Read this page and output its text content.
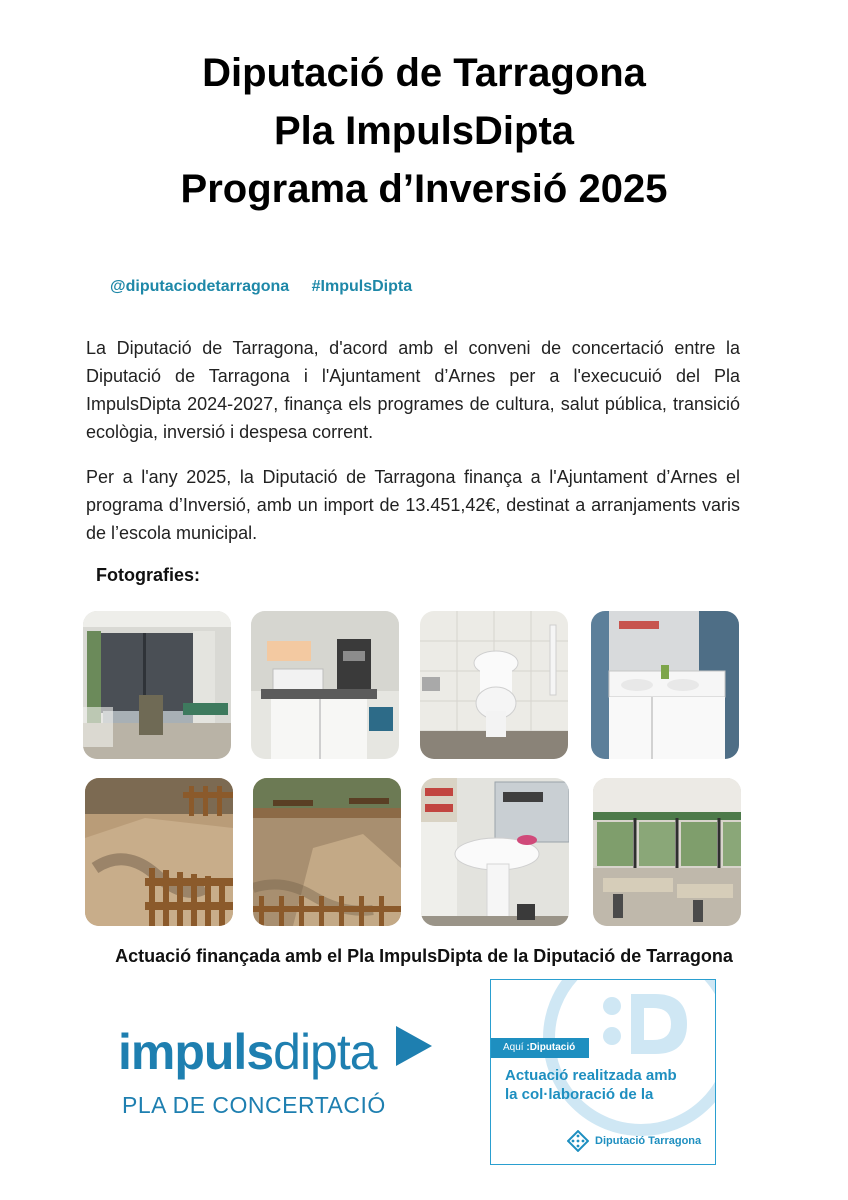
Diputació de Tarragona
Pla ImpulsDipta
Programa d’Inversió 2025
@diputaciodetarragona #ImpulsDipta
La Diputació de Tarragona, d'acord amb el conveni de concertació entre la Diputació de Tarragona i l'Ajuntament d’Arnes per a l'execucuió del Pla ImpulsDipta 2024-2027, finança els programes de cultura, salut pública, transició ecològia, inversió i despesa corrent.
Per a l'any 2025, la Diputació de Tarragona finança a l'Ajuntament d’Arnes el programa d’Inversió, amb un import de 13.451,42€, destinat a arranjaments varis de l’escola municipal.
Fotografies:
Actuació finançada amb el Pla ImpulsDipta de la Diputació de Tarragona
impulsdipta
PLA DE CONCERTACIÓ
Aquí :Diputació
Actuació realitzada amb
la col·laboració de la
Diputació Tarragona
